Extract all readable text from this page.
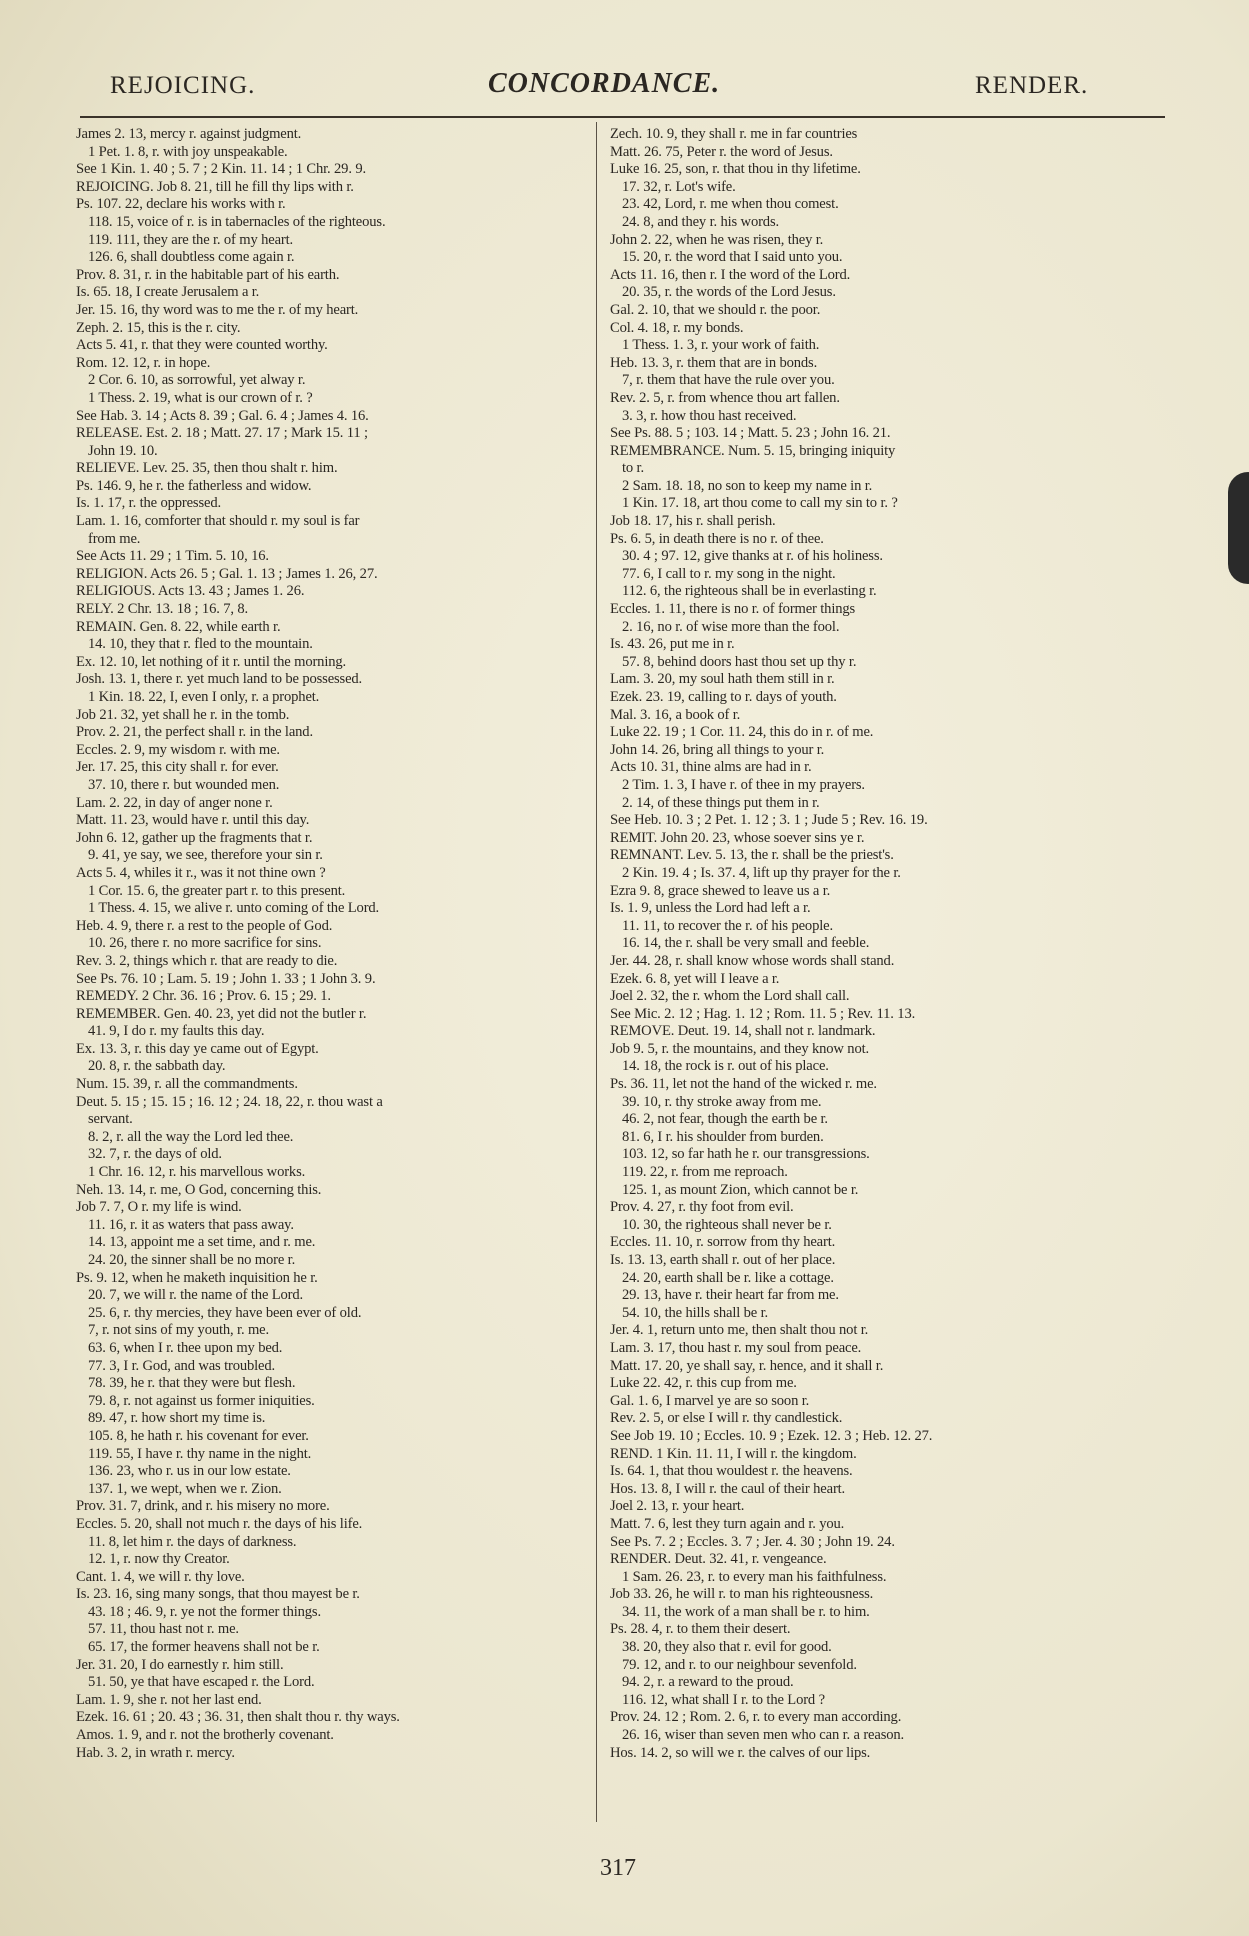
REJOICING.	CONCORDANCE.	RENDER.
James 2. 13, mercy r. against judgment.
1 Pet. 1. 8, r. with joy unspeakable.
See 1 Kin. 1. 40 ; 5. 7 ; 2 Kin. 11. 14 ; 1 Chr. 29. 9.
REJOICING. Job 8. 21, till he fill thy lips with r.
Ps. 107. 22, declare his works with r.
118. 15, voice of r. is in tabernacles of the righteous.
119. 111, they are the r. of my heart.
126. 6, shall doubtless come again r.
Prov. 8. 31, r. in the habitable part of his earth.
Is. 65. 18, I create Jerusalem a r.
Jer. 15. 16, thy word was to me the r. of my heart.
Zeph. 2. 15, this is the r. city.
Acts 5. 41, r. that they were counted worthy.
Rom. 12. 12, r. in hope.
2 Cor. 6. 10, as sorrowful, yet alway r.
1 Thess. 2. 19, what is our crown of r. ?
See Hab. 3. 14 ; Acts 8. 39 ; Gal. 6. 4 ; James 4. 16.
RELEASE. Est. 2. 18 ; Matt. 27. 17 ; Mark 15. 11 ;
John 19. 10.
RELIEVE. Lev. 25. 35, then thou shalt r. him.
Ps. 146. 9, he r. the fatherless and widow.
Is. 1. 17, r. the oppressed.
Lam. 1. 16, comforter that should r. my soul is far
from me.
See Acts 11. 29 ; 1 Tim. 5. 10, 16.
RELIGION. Acts 26. 5 ; Gal. 1. 13 ; James 1. 26, 27.
RELIGIOUS. Acts 13. 43 ; James 1. 26.
RELY. 2 Chr. 13. 18 ; 16. 7, 8.
REMAIN. Gen. 8. 22, while earth r.
14. 10, they that r. fled to the mountain.
Ex. 12. 10, let nothing of it r. until the morning.
Josh. 13. 1, there r. yet much land to be possessed.
1 Kin. 18. 22, I, even I only, r. a prophet.
Job 21. 32, yet shall he r. in the tomb.
Prov. 2. 21, the perfect shall r. in the land.
Eccles. 2. 9, my wisdom r. with me.
Jer. 17. 25, this city shall r. for ever.
37. 10, there r. but wounded men.
Lam. 2. 22, in day of anger none r.
Matt. 11. 23, would have r. until this day.
John 6. 12, gather up the fragments that r.
9. 41, ye say, we see, therefore your sin r.
Acts 5. 4, whiles it r., was it not thine own ?
1 Cor. 15. 6, the greater part r. to this present.
1 Thess. 4. 15, we alive r. unto coming of the Lord.
Heb. 4. 9, there r. a rest to the people of God.
10. 26, there r. no more sacrifice for sins.
Rev. 3. 2, things which r. that are ready to die.
See Ps. 76. 10 ; Lam. 5. 19 ; John 1. 33 ; 1 John 3. 9.
REMEDY. 2 Chr. 36. 16 ; Prov. 6. 15 ; 29. 1.
REMEMBER. Gen. 40. 23, yet did not the butler r.
41. 9, I do r. my faults this day.
Ex. 13. 3, r. this day ye came out of Egypt.
20. 8, r. the sabbath day.
Num. 15. 39, r. all the commandments.
Deut. 5. 15 ; 15. 15 ; 16. 12 ; 24. 18, 22, r. thou wast a
servant.
8. 2, r. all the way the Lord led thee.
32. 7, r. the days of old.
1 Chr. 16. 12, r. his marvellous works.
Neh. 13. 14, r. me, O God, concerning this.
Job 7. 7, O r. my life is wind.
11. 16, r. it as waters that pass away.
14. 13, appoint me a set time, and r. me.
24. 20, the sinner shall be no more r.
Ps. 9. 12, when he maketh inquisition he r.
20. 7, we will r. the name of the Lord.
25. 6, r. thy mercies, they have been ever of old.
7, r. not sins of my youth, r. me.
63. 6, when I r. thee upon my bed.
77. 3, I r. God, and was troubled.
78. 39, he r. that they were but flesh.
79. 8, r. not against us former iniquities.
89. 47, r. how short my time is.
105. 8, he hath r. his covenant for ever.
119. 55, I have r. thy name in the night.
136. 23, who r. us in our low estate.
137. 1, we wept, when we r. Zion.
Prov. 31. 7, drink, and r. his misery no more.
Eccles. 5. 20, shall not much r. the days of his life.
11. 8, let him r. the days of darkness.
12. 1, r. now thy Creator.
Cant. 1. 4, we will r. thy love.
Is. 23. 16, sing many songs, that thou mayest be r.
43. 18 ; 46. 9, r. ye not the former things.
57. 11, thou hast not r. me.
65. 17, the former heavens shall not be r.
Jer. 31. 20, I do earnestly r. him still.
51. 50, ye that have escaped r. the Lord.
Lam. 1. 9, she r. not her last end.
Ezek. 16. 61 ; 20. 43 ; 36. 31, then shalt thou r. thy ways.
Amos. 1. 9, and r. not the brotherly covenant.
Hab. 3. 2, in wrath r. mercy.
Zech. 10. 9, they shall r. me in far countries
Matt. 26. 75, Peter r. the word of Jesus.
Luke 16. 25, son, r. that thou in thy lifetime.
17. 32, r. Lot's wife.
23. 42, Lord, r. me when thou comest.
24. 8, and they r. his words.
John 2. 22, when he was risen, they r.
15. 20, r. the word that I said unto you.
Acts 11. 16, then r. I the word of the Lord.
20. 35, r. the words of the Lord Jesus.
Gal. 2. 10, that we should r. the poor.
Col. 4. 18, r. my bonds.
1 Thess. 1. 3, r. your work of faith.
Heb. 13. 3, r. them that are in bonds.
7, r. them that have the rule over you.
Rev. 2. 5, r. from whence thou art fallen.
3. 3, r. how thou hast received.
See Ps. 88. 5 ; 103. 14 ; Matt. 5. 23 ; John 16. 21.
REMEMBRANCE. Num. 5. 15, bringing iniquity
to r.
2 Sam. 18. 18, no son to keep my name in r.
1 Kin. 17. 18, art thou come to call my sin to r. ?
Job 18. 17, his r. shall perish.
Ps. 6. 5, in death there is no r. of thee.
30. 4 ; 97. 12, give thanks at r. of his holiness.
77. 6, I call to r. my song in the night.
112. 6, the righteous shall be in everlasting r.
Eccles. 1. 11, there is no r. of former things
2. 16, no r. of wise more than the fool.
Is. 43. 26, put me in r.
57. 8, behind doors hast thou set up thy r.
Lam. 3. 20, my soul hath them still in r.
Ezek. 23. 19, calling to r. days of youth.
Mal. 3. 16, a book of r.
Luke 22. 19 ; 1 Cor. 11. 24, this do in r. of me.
John 14. 26, bring all things to your r.
Acts 10. 31, thine alms are had in r.
2 Tim. 1. 3, I have r. of thee in my prayers.
2. 14, of these things put them in r.
See Heb. 10. 3 ; 2 Pet. 1. 12 ; 3. 1 ; Jude 5 ; Rev. 16. 19.
REMIT. John 20. 23, whose soever sins ye r.
REMNANT. Lev. 5. 13, the r. shall be the priest's.
2 Kin. 19. 4 ; Is. 37. 4, lift up thy prayer for the r.
Ezra 9. 8, grace shewed to leave us a r.
Is. 1. 9, unless the Lord had left a r.
11. 11, to recover the r. of his people.
16. 14, the r. shall be very small and feeble.
Jer. 44. 28, r. shall know whose words shall stand.
Ezek. 6. 8, yet will I leave a r.
Joel 2. 32, the r. whom the Lord shall call.
See Mic. 2. 12 ; Hag. 1. 12 ; Rom. 11. 5 ; Rev. 11. 13.
REMOVE. Deut. 19. 14, shall not r. landmark.
Job 9. 5, r. the mountains, and they know not.
14. 18, the rock is r. out of his place.
Ps. 36. 11, let not the hand of the wicked r. me.
39. 10, r. thy stroke away from me.
46. 2, not fear, though the earth be r.
81. 6, I r. his shoulder from burden.
103. 12, so far hath he r. our transgressions.
119. 22, r. from me reproach.
125. 1, as mount Zion, which cannot be r.
Prov. 4. 27, r. thy foot from evil.
10. 30, the righteous shall never be r.
Eccles. 11. 10, r. sorrow from thy heart.
Is. 13. 13, earth shall r. out of her place.
24. 20, earth shall be r. like a cottage.
29. 13, have r. their heart far from me.
54. 10, the hills shall be r.
Jer. 4. 1, return unto me, then shalt thou not r.
Lam. 3. 17, thou hast r. my soul from peace.
Matt. 17. 20, ye shall say, r. hence, and it shall r.
Luke 22. 42, r. this cup from me.
Gal. 1. 6, I marvel ye are so soon r.
Rev. 2. 5, or else I will r. thy candlestick.
See Job 19. 10 ; Eccles. 10. 9 ; Ezek. 12. 3 ; Heb. 12. 27.
REND. 1 Kin. 11. 11, I will r. the kingdom.
Is. 64. 1, that thou wouldest r. the heavens.
Hos. 13. 8, I will r. the caul of their heart.
Joel 2. 13, r. your heart.
Matt. 7. 6, lest they turn again and r. you.
See Ps. 7. 2 ; Eccles. 3. 7 ; Jer. 4. 30 ; John 19. 24.
RENDER. Deut. 32. 41, r. vengeance.
1 Sam. 26. 23, r. to every man his faithfulness.
Job 33. 26, he will r. to man his righteousness.
34. 11, the work of a man shall be r. to him.
Ps. 28. 4, r. to them their desert.
38. 20, they also that r. evil for good.
79. 12, and r. to our neighbour sevenfold.
94. 2, r. a reward to the proud.
116. 12, what shall I r. to the Lord ?
Prov. 24. 12 ; Rom. 2. 6, r. to every man according.
26. 16, wiser than seven men who can r. a reason.
Hos. 14. 2, so will we r. the calves of our lips.
317
